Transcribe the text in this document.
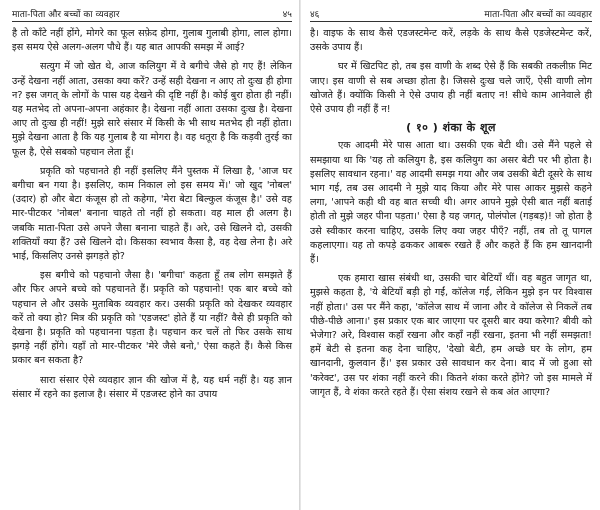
माता-पिता और बच्चों का व्यवहार	४५

है तो काँटे नहीं होंगे, मोगरे का फूल सफ़ेद होगा, गुलाब गुलाबी होगा, लाल होगा। इस समय ऐसे अलग-अलग पौधे हैं। यह बात आपकी समझ में आई?

सत्युग में जो खेत थे, आज कलियुग में वे बगीचे जैसे हो गए हैं! लेकिन उन्हें देखना नहीं आता, उसका क्या करें? उन्हें सही देखना न आए तो दुःख ही होगा न? इस जगत् के लोगों के पास यह देखने की दृष्टि नहीं है। कोई बुरा होता ही नहीं। यह मतभेद तो अपना-अपना अहंकार है। देखना नहीं आता उसका दुःख है। देखना आए तो दुःख ही नहीं! मुझे सारे संसार में किसी के भी साथ मतभेद ही नहीं होता। मुझे देखना आता है कि यह गुलाब है या मोगरा है। वह धतूरा है कि कड़वी तुरई का फूल है, ऐसे सबको पहचान लेता हूँ।

प्रकृति को पहचानते ही नहीं इसलिए मैंने पुस्तक में लिखा है, 'आज घर बगीचा बन गया है। इसलिए, काम निकाल लो इस समय में।' जो खुद 'नोबल' (उदार) हो और बेटा कंजूस हो तो कहेगा, 'मेरा बेटा बिल्कुल कंजूस है।' उसे वह मार-पीटकर 'नोबल' बनाना चाहते तो नहीं हो सकता। वह माल ही अलग है। जबकि माता-पिता उसे अपने जैसा बनाना चाहते हैं। अरे, उसे खिलने दो, उसकी शक्तियाँ क्या हैं? उसे खिलने दो। किसका स्वभाव कैसा है, वह देख लेना है। अरे भाई, किसलिए उनसे झगड़ते हो?

इस बगीचे को पहचानो जैसा है। 'बगीचा' कहता हूँ तब लोग समझते हैं और फिर अपने बच्चे को पहचानते हैं। प्रकृति को पहचानो! एक बार बच्चे को पहचान ले और उसके मुताबिक व्यवहार कर। उसकी प्रकृति को देखकर व्यवहार करें तो क्या हो? मित्र की प्रकृति को 'एडजस्ट' होते हैं या नहीं? वैसे ही प्रकृति को देखना है। प्रकृति को पहचानना पड़ता है। पहचान कर चलें तो फिर उसके साथ झगड़े नहीं होंगे। यहाँ तो मार-पीटकर 'मेरे जैसे बनो,' ऐसा कहते हैं। कैसे किस प्रकार बन सकता है?

सारा संसार ऐसे व्यवहार ज्ञान की खोज में है, यह धर्म नहीं है। यह ज्ञान संसार में रहने का इलाज है। संसार में एडजस्ट होने का उपाय

४६	माता-पिता और बच्चों का व्यवहार

है। वाइफ के साथ कैसे एडजस्टमेन्ट करें, लड़के के साथ कैसे एडजेस्टमेन्ट करें, उसके उपाय हैं।

घर में खिटपिट हो, तब इस वाणी के शब्द ऐसे हैं कि सबकी तकलीफ़ मिट जाए। इस वाणी से सब अच्छा होता है। जिससे दुःख चले जाएँ, ऐसी वाणी लोग खोजते हैं। क्योंकि किसी ने ऐसे उपाय ही नहीं बताए न! सीधे काम आनेवाले ही ऐसे उपाय ही नहीं हैं न!

( १० ) शंका के शूल

एक आदमी मेरे पास आता था। उसकी एक बेटी थी। उसे मैंने पहले से समझाया था कि 'यह तो कलियुग है, इस कलियुग का असर बेटी पर भी होता है। इसलिए सावधान रहना।' वह आदमी समझ गया और जब उसकी बेटी दूसरे के साथ भाग गई, तब उस आदमी ने मुझे याद किया और मेरे पास आकर मुझसे कहने लगा, 'आपने कही थी वह बात सच्ची थी। अगर आपने मुझे ऐसी बात नहीं बताई होती तो मुझे जहर पीना पड़ता।' ऐसा है यह जगत्, पोलंपोल (गड़बड़)! जो होता है उसे स्वीकार करना चाहिए, उसके लिए क्या जहर पीएँ? नहीं, तब तो तू पागल कहलाएगा। यह तो कपड़े ढककर आबरू रखते हैं और कहते हैं कि हम खानदानी हैं।

एक हमारा खास संबंधी था, उसकी चार बेटियाँ थीं। वह बहुत जागृत था, मुझसे कहता है, 'ये बेटियाँ बड़ी हो गईं, कॉलेज गईं, लेकिन मुझे इन पर विश्वास नहीं होता।' उस पर मैंने कहा, 'कॉलेज साथ में जाना और वे कॉलेज से निकलें तब पीछे-पीछे आना।' इस प्रकार एक बार जाएगा पर दूसरी बार क्या करेगा? बीवी को भेजेगा? अरे, विश्वास कहाँ रखना और कहाँ नहीं रखना, इतना भी नहीं समझता! हमें बेटी से इतना कह देना चाहिए, 'देखो बेटी, हम अच्छे घर के लोग, हम खानदानी, कुलवान हैं।' इस प्रकार उसे सावधान कर देना। बाद में जो हुआ सो 'करेक्ट', उस पर शंका नहीं करने की। कितने शंका करते होंगे? जो इस मामले में जागृत हैं, वे शंका करते रहते हैं। ऐसा संशय रखने से कब अंत आएगा?
